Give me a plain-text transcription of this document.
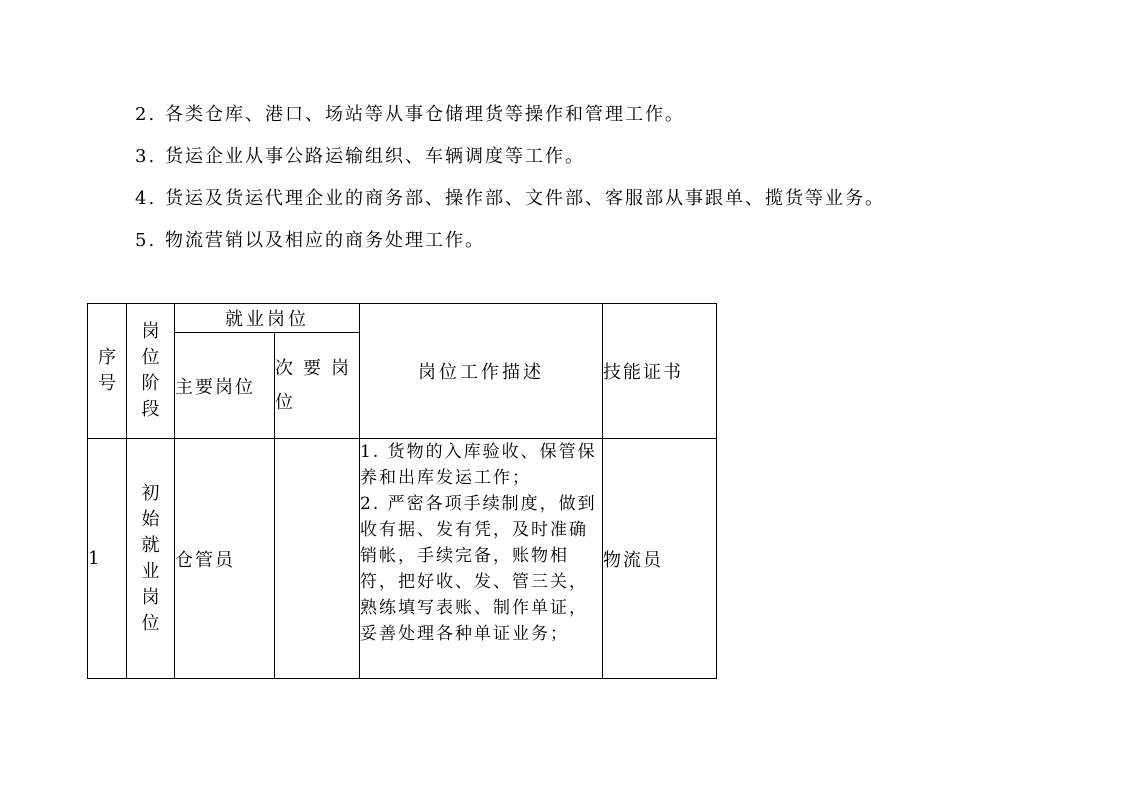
2. 各类仓库、港口、场站等从事仓储理货等操作和管理工作。
3. 货运企业从事公路运输组织、车辆调度等工作。
4. 货运及货运代理企业的商务部、操作部、文件部、客服部从事跟单、揽货等业务。
5. 物流营销以及相应的商务处理工作。
序号	岗位阶段	就业岗位		岗位工作描述	技能证书
		主要岗位	次要岗位		
1	初始就业岗位	仓管员		1. 货物的入库验收、保管保养和出库发运工作；
2. 严密各项手续制度，做到收有据、发有凭，及时准确销帐，手续完备，账物相符，把好收、发、管三关，熟练填写表账、制作单证，妥善处理各种单证业务；	物流员
